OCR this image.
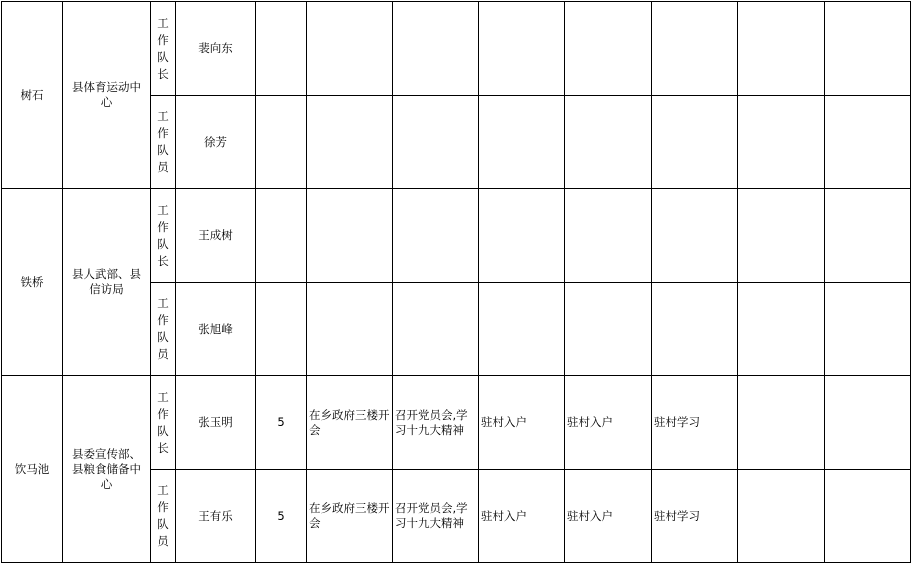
树石	县体育运动中心	工作队长	裴向东								
		工作队员	徐芳								
铁桥	县人武部、县信访局	工作队长	王成树								
		工作队员	张旭峰								
饮马池	县委宣传部、县粮食储备中心	工作队长	张玉明	5	在乡政府三楼开会	召开党员会,学习十九大精神	驻村入户	驻村入户	驻村学习		
		工作队员	王有乐	5	在乡政府三楼开会	召开党员会,学习十九大精神	驻村入户	驻村入户	驻村学习		
